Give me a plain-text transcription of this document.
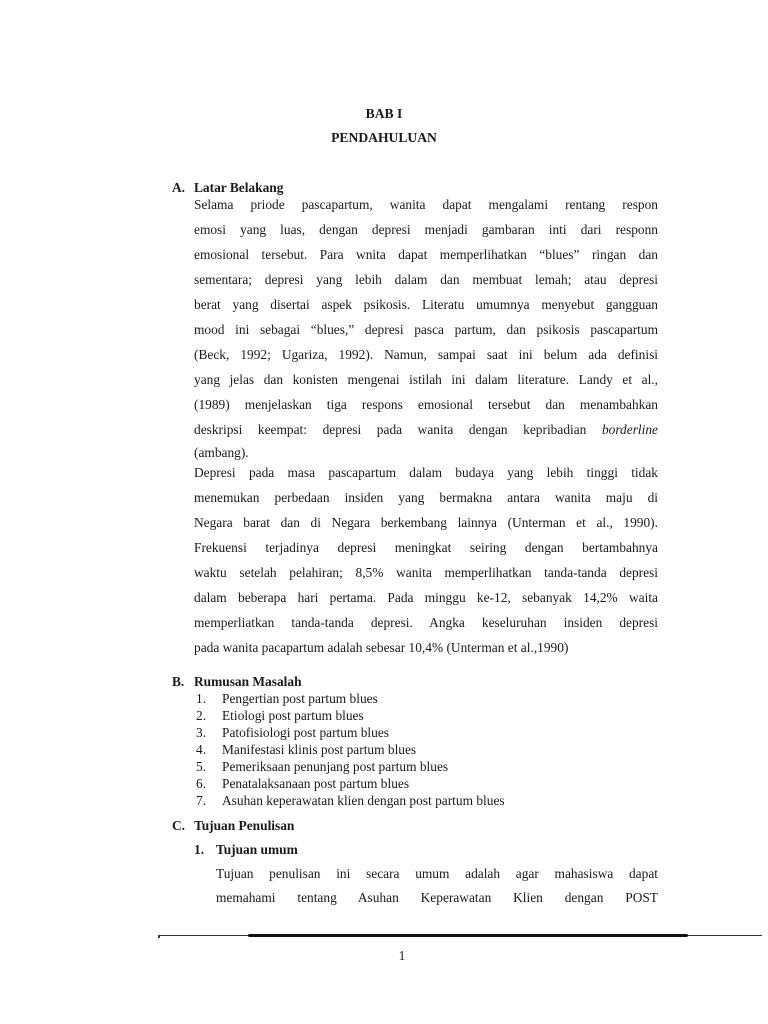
BAB I
PENDAHULUAN
A. Latar Belakang
Selama priode pascapartum, wanita dapat mengalami rentang respon
emosi yang luas, dengan depresi menjadi gambaran inti dari responn
emosional tersebut. Para wnita dapat memperlihatkan “blues” ringan dan
sementara; depresi yang lebih dalam dan membuat lemah; atau depresi
berat yang disertai aspek psikosis. Literatu umumnya menyebut gangguan
mood ini sebagai “blues,” depresi pasca partum, dan psikosis pascapartum
(Beck, 1992; Ugariza, 1992). Namun, sampai saat ini belum ada definisi
yang jelas dan konisten mengenai istilah ini dalam literature. Landy et al.,
(1989) menjelaskan tiga respons emosional tersebut dan menambahkan
deskripsi keempat: depresi pada wanita dengan kepribadian borderline
(ambang).
Depresi pada masa pascapartum dalam budaya yang lebih tinggi tidak
menemukan perbedaan insiden yang bermakna antara wanita maju di
Negara barat dan di Negara berkembang lainnya (Unterman et al., 1990).
Frekuensi terjadinya depresi meningkat seiring dengan bertambahnya
waktu setelah pelahiran; 8,5% wanita memperlihatkan tanda-tanda depresi
dalam beberapa hari pertama. Pada minggu ke-12, sebanyak 14,2% waita
memperliatkan tanda-tanda depresi. Angka keseluruhan insiden depresi
pada wanita pacapartum adalah sebesar 10,4% (Unterman et al.,1990)
B. Rumusan Masalah
1. Pengertian post partum blues
2. Etiologi post partum blues
3. Patofisiologi post partum blues
4. Manifestasi klinis post partum blues
5. Pemeriksaan penunjang post partum blues
6. Penatalaksanaan post partum blues
7. Asuhan keperawatan klien dengan post partum blues
C. Tujuan Penulisan
1. Tujuan umum
Tujuan penulisan ini secara umum adalah agar mahasiswa dapat
memahami tentang Asuhan Keperawatan Klien dengan POST
1
